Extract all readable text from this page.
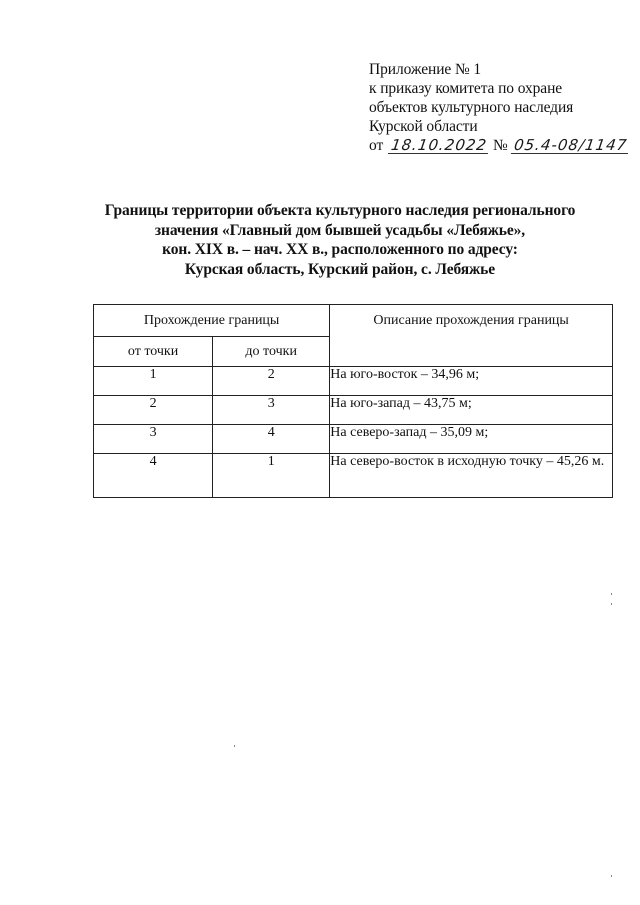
Приложение № 1
к приказу комитета по охране
объектов культурного наследия
Курской области
от 18.10.2022 № 05.4-08/1147
Границы территории объекта культурного наследия регионального
значения «Главный дом бывшей усадьбы «Лебяжье»,
кон. XIX в. – нач. XX в., расположенного по адресу:
Курская область, Курский район, с. Лебяжье
Прохождение границы		Описание прохождения границы
от точки	до точки	
1	2	На юго-восток – 34,96 м;
2	3	На юго-запад – 43,75 м;
3	4	На северо-запад – 35,09 м;
4	1	На северо-восток в исходную точку – 45,26 м.
